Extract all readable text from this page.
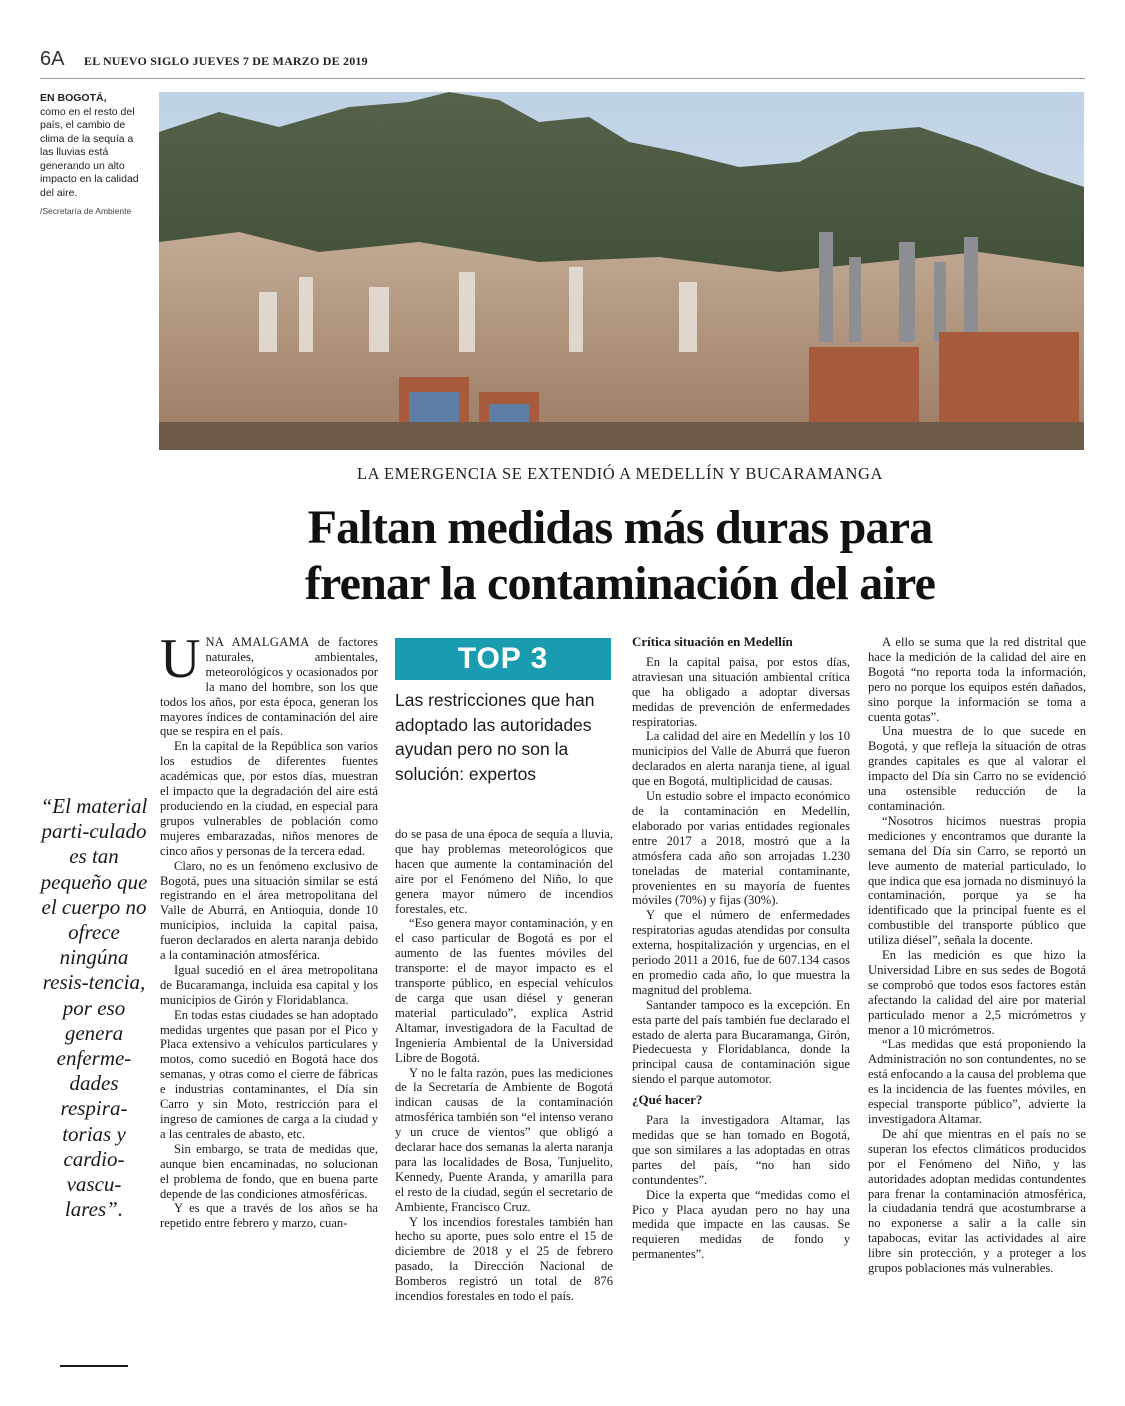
6A EL NUEVO SIGLO JUEVES 7 DE MARZO DE 2019
EN BOGOTÁ,
como en el resto del país, el cambio de clima de la sequía a las lluvias está generando un alto impacto en la calidad del aire.
/Secretaría de Ambiente
LA EMERGENCIA SE EXTENDIÓ A MEDELLÍN Y BUCARAMANGA
Faltan medidas más duras para
frenar la contaminación del aire
“El material parti-culado es tan pequeño que el cuerpo no ofrece ningúna resis-tencia, por eso genera enferme-dades respira-torias y cardio-vascu-lares”.

UNA AMALGAMA de factores naturales, ambientales, meteorológicos y ocasionados por la mano del hombre, son los que todos los años, por esta época, generan los mayores índices de contaminación del aire que se respira en el país.

En la capital de la República son varios los estudios de diferentes fuentes académicas que, por estos días, muestran el impacto que la degradación del aire está produciendo en la ciudad, en especial para grupos vulnerables de población como mujeres embarazadas, niños menores de cinco años y personas de la tercera edad.

Claro, no es un fenómeno exclusivo de Bogotá, pues una situación similar se está registrando en el área metropolitana del Valle de Aburrá, en Antioquia, donde 10 municipios, incluida la capital paisa, fueron declarados en alerta naranja debido a la contaminación atmosférica.

Igual sucedió en el área metropolitana de Bucaramanga, incluida esa capital y los municipios de Girón y Floridablanca.

En todas estas ciudades se han adoptado medidas urgentes que pasan por el Pico y Placa extensivo a vehículos particulares y motos, como sucedió en Bogotá hace dos semanas, y otras como el cierre de fábricas e industrias contaminantes, el Día sin Carro y sin Moto, restricción para el ingreso de camiones de carga a la ciudad y a las centrales de abasto, etc.

Sin embargo, se trata de medidas que, aunque bien encaminadas, no solucionan el problema de fondo, que en buena parte depende de las condiciones atmosféricas.

Y es que a través de los años se ha repetido entre febrero y marzo, cuan-

TOP 3
Las restricciones que han adoptado las autoridades ayudan pero no son la solución: expertos

do se pasa de una época de sequía a lluvia, que hay problemas meteorológicos que hacen que aumente la contaminación del aire por el Fenómeno del Niño, lo que genera mayor número de incendios forestales, etc.

“Eso genera mayor contaminación, y en el caso particular de Bogotá es por el aumento de las fuentes móviles del transporte: el de mayor impacto es el transporte público, en especial vehículos de carga que usan diésel y generan material particulado”, explica Astrid Altamar, investigadora de la Facultad de Ingeniería Ambiental de la Universidad Libre de Bogotá.

Y no le falta razón, pues las mediciones de la Secretaría de Ambiente de Bogotá indican causas de la contaminación atmosférica también son “el intenso verano y un cruce de vientos” que obligó a declarar hace dos semanas la alerta naranja para las localidades de Bosa, Tunjuelito, Kennedy, Puente Aranda, y amarilla para el resto de la ciudad, según el secretario de Ambiente, Francisco Cruz.

Y los incendios forestales también han hecho su aporte, pues solo entre el 15 de diciembre de 2018 y el 25 de febrero pasado, la Dirección Nacional de Bomberos registró un total de 876 incendios forestales en todo el país.

Crítica situación en Medellín

En la capital paisa, por estos días, atraviesan una situación ambiental crítica que ha obligado a adoptar diversas medidas de prevención de enfermedades respiratorias.

La calidad del aire en Medellín y los 10 municipios del Valle de Aburrá que fueron declarados en alerta naranja tiene, al igual que en Bogotá, multiplicidad de causas.

Un estudio sobre el impacto económico de la contaminación en Medellín, elaborado por varias entidades regionales entre 2017 a 2018, mostró que a la atmósfera cada año son arrojadas 1.230 toneladas de material contaminante, provenientes en su mayoría de fuentes móviles (70%) y fijas (30%).

Y que el número de enfermedades respiratorias agudas atendidas por consulta externa, hospitalización y urgencias, en el periodo 2011 a 2016, fue de 607.134 casos en promedio cada año, lo que muestra la magnitud del problema.

Santander tampoco es la excepción. En esta parte del país también fue declarado el estado de alerta para Bucaramanga, Girón, Piedecuesta y Floridablanca, donde la principal causa de contaminación sigue siendo el parque automotor.

¿Qué hacer?

Para la investigadora Altamar, las medidas que se han tomado en Bogotá, que son similares a las adoptadas en otras partes del país, “no han sido contundentes”.

Dice la experta que “medidas como el Pico y Placa ayudan pero no hay una medida que impacte en las causas. Se requieren medidas de fondo y permanentes”.

A ello se suma que la red distrital que hace la medición de la calidad del aire en Bogotá “no reporta toda la información, pero no porque los equipos estén dañados, sino porque la información se toma a cuenta gotas”.

Una muestra de lo que sucede en Bogotá, y que refleja la situación de otras grandes capitales es que al valorar el impacto del Día sin Carro no se evidenció una ostensible reducción de la contaminación.

“Nosotros hicimos nuestras propia mediciones y encontramos que durante la semana del Día sin Carro, se reportó un leve aumento de material particulado, lo que indica que esa jornada no disminuyó la contaminación, porque ya se ha identificado que la principal fuente es el combustible del transporte público que utiliza diésel”, señala la docente.

En las medición es que hizo la Universidad Libre en sus sedes de Bogotá se comprobó que todos esos factores están afectando la calidad del aire por material particulado menor a 2,5 micrómetros y menor a 10 micrómetros.

“Las medidas que está proponiendo la Administración no son contundentes, no se está enfocando a la causa del problema que es la incidencia de las fuentes móviles, en especial transporte público”, advierte la investigadora Altamar.

De ahí que mientras en el país no se superan los efectos climáticos producidos por el Fenómeno del Niño, y las autoridades adoptan medidas contundentes para frenar la contaminación atmosférica, la ciudadania tendrá que acostumbrarse a no exponerse a salir a la calle sin tapabocas, evitar las actividades al aire libre sin protección, y a proteger a los grupos poblaciones más vulnerables.
